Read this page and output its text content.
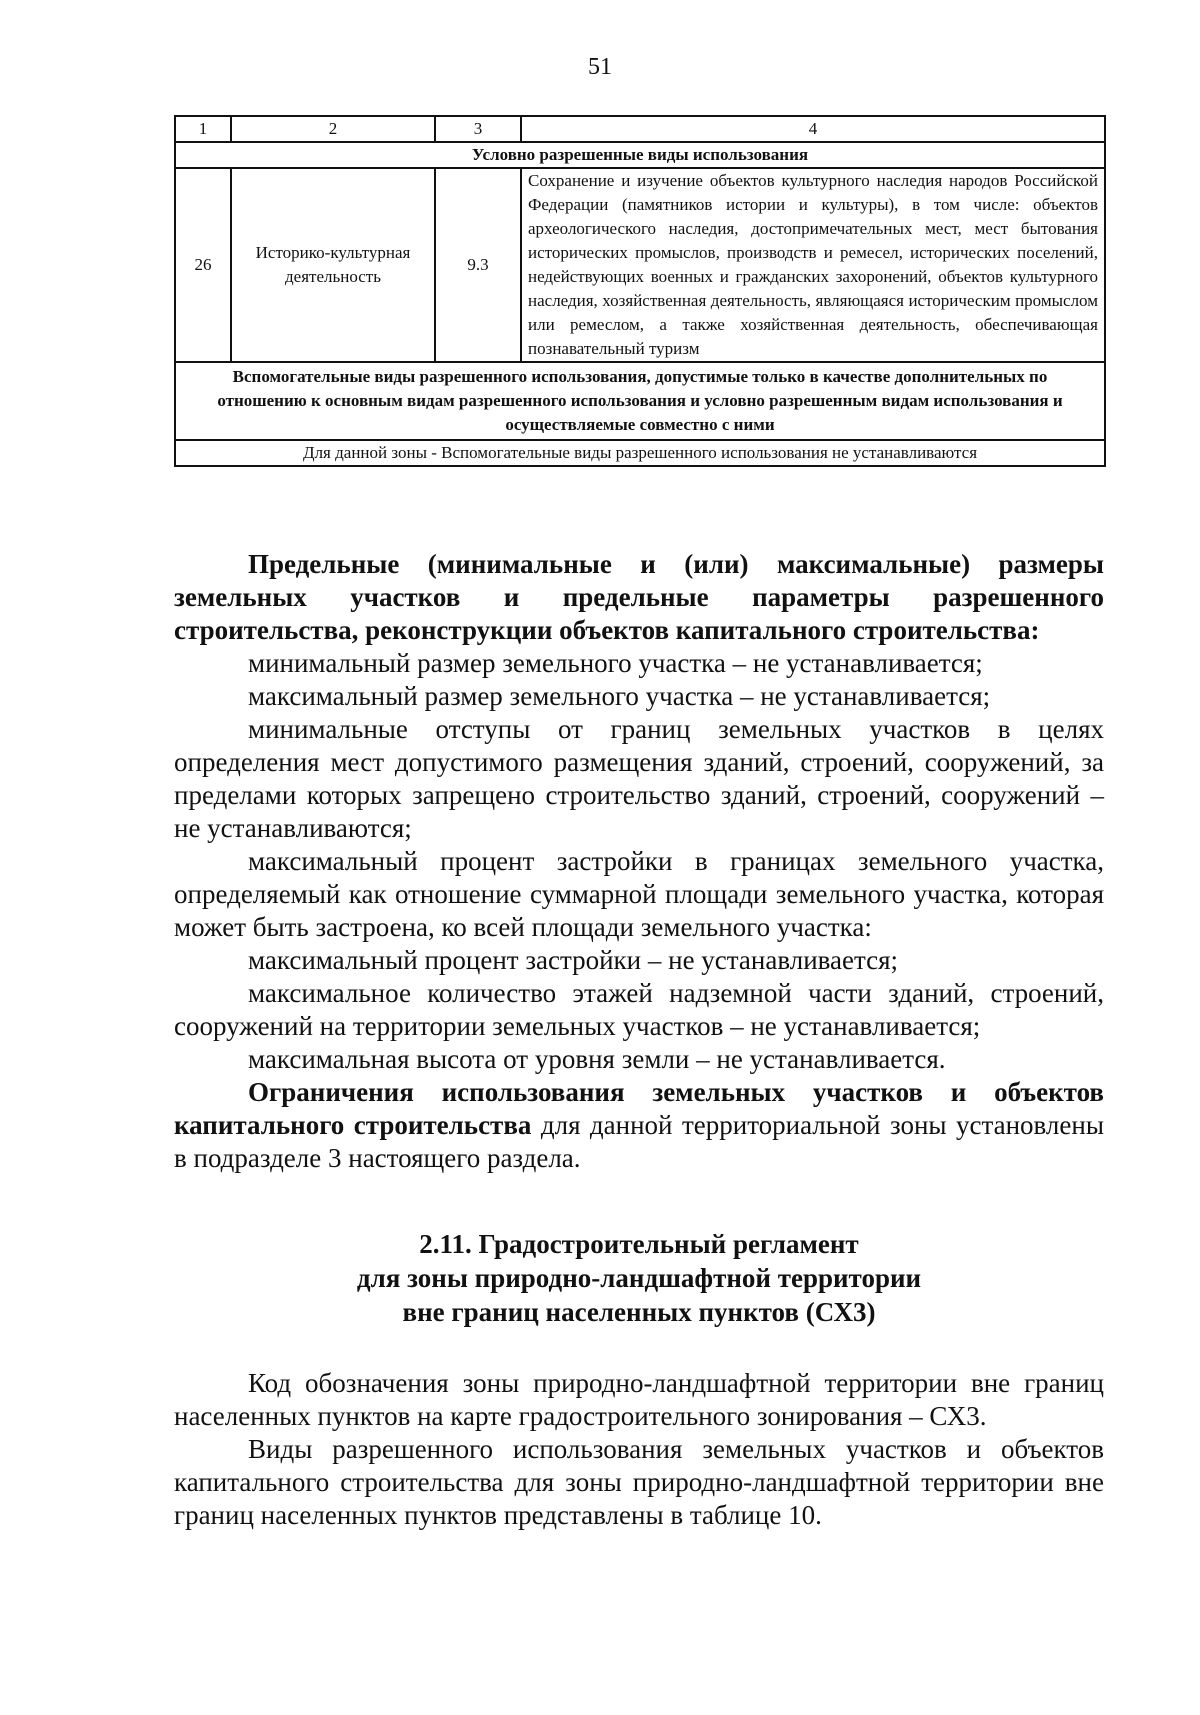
51
1	2	3	4
Условно разрешенные виды использования			
26	Историко-культурная деятельность	9.3	Сохранение и изучение объектов культурного наследия народов Российской Федерации (памятников истории и культуры), в том числе: объектов археологического наследия, достопримечательных мест, мест бытования исторических промыслов, производств и ремесел, исторических поселений, недействующих военных и гражданских захоронений, объектов культурного наследия, хозяйственная деятельность, являющаяся историческим промыслом или ремеслом, а также хозяйственная деятельность, обеспечивающая познавательный туризм
Вспомогательные виды разрешенного использования, допустимые только в качестве дополнительных по отношению к основным видам разрешенного использования и условно разрешенным видам использования и осуществляемые совместно с ними			
Для данной зоны - Вспомогательные виды разрешенного использования не устанавливаются			

Предельные (минимальные и (или) максимальные) размеры земельных участков и предельные параметры разрешенного строительства, реконструкции объектов капитального строительства:

минимальный размер земельного участка – не устанавливается;

максимальный размер земельного участка – не устанавливается;

минимальные отступы от границ земельных участков в целях определения мест допустимого размещения зданий, строений, сооружений, за пределами которых запрещено строительство зданий, строений, сооружений – не устанавливаются;

максимальный процент застройки в границах земельного участка, определяемый как отношение суммарной площади земельного участка, которая может быть застроена, ко всей площади земельного участка:

максимальный процент застройки – не устанавливается;

максимальное количество этажей надземной части зданий, строений, сооружений на территории земельных участков – не устанавливается;

максимальная высота от уровня земли – не устанавливается.

Ограничения использования земельных участков и объектов капитального строительства для данной территориальной зоны установлены в подразделе 3 настоящего раздела.

2.11. Градостроительный регламент

для зоны природно-ландшафтной территории

вне границ населенных пунктов (СХ3)

Код обозначения зоны природно-ландшафтной территории вне границ населенных пунктов на карте градостроительного зонирования – СХ3.

Виды разрешенного использования земельных участков и объектов капитального строительства для зоны природно-ландшафтной территории вне границ населенных пунктов представлены в таблице 10.
